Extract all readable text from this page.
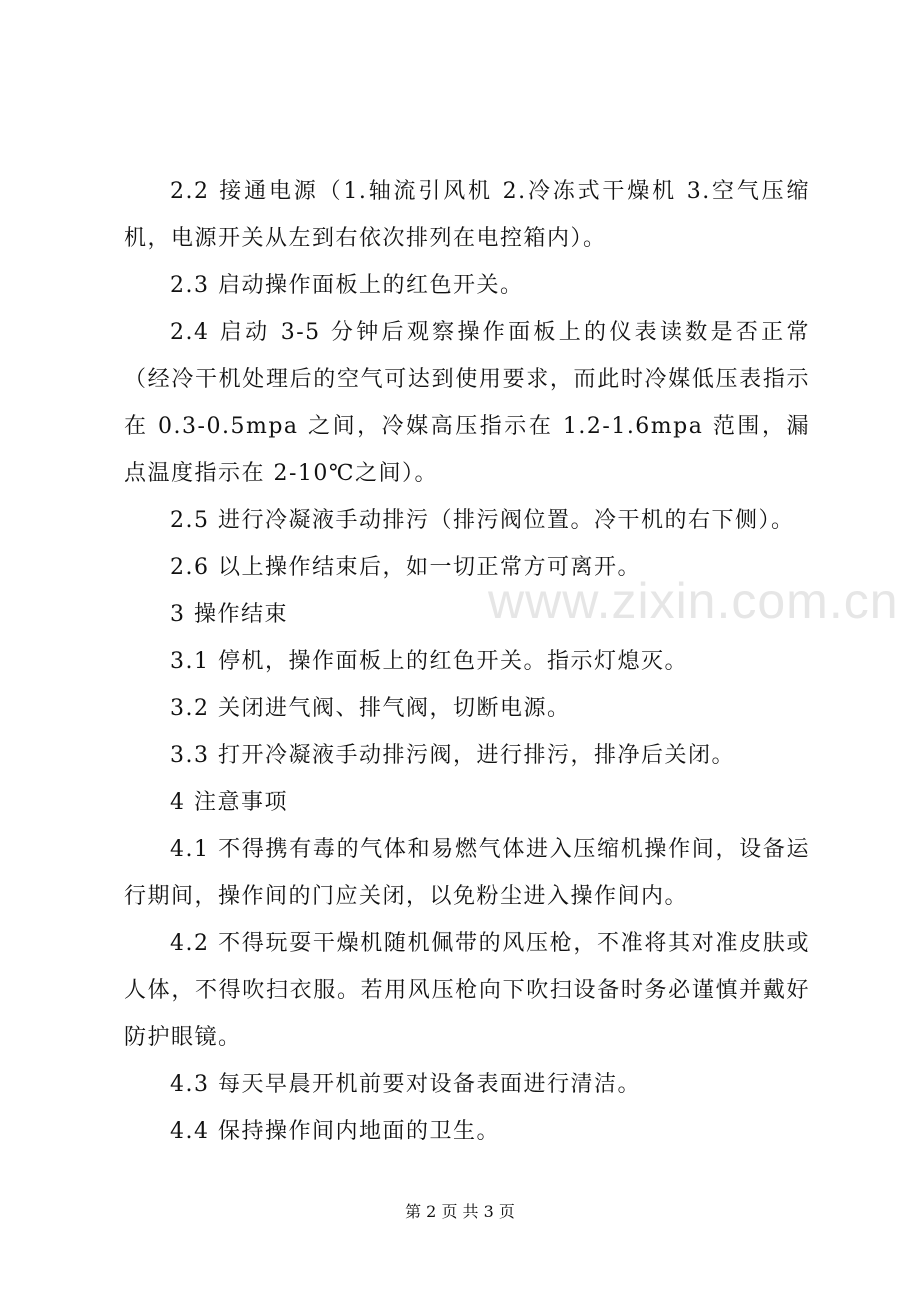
www.zixin.com.cn

2.2 接通电源（1.轴流引风机 2.冷冻式干燥机 3.空气压缩机，电源开关从左到右依次排列在电控箱内）。

2.3 启动操作面板上的红色开关。

2.4 启动 3-5 分钟后观察操作面板上的仪表读数是否正常（经冷干机处理后的空气可达到使用要求，而此时冷媒低压表指示在 0.3-0.5mpa 之间，冷媒高压指示在 1.2-1.6mpa 范围，漏点温度指示在 2-10℃之间）。

2.5 进行冷凝液手动排污（排污阀位置。冷干机的右下侧）。

2.6 以上操作结束后，如一切正常方可离开。

3 操作结束

3.1 停机，操作面板上的红色开关。指示灯熄灭。

3.2 关闭进气阀、排气阀，切断电源。

3.3 打开冷凝液手动排污阀，进行排污，排净后关闭。

4 注意事项

4.1 不得携有毒的气体和易燃气体进入压缩机操作间，设备运行期间，操作间的门应关闭，以免粉尘进入操作间内。

4.2 不得玩耍干燥机随机佩带的风压枪，不准将其对准皮肤或人体，不得吹扫衣服。若用风压枪向下吹扫设备时务必谨慎并戴好防护眼镜。

4.3 每天早晨开机前要对设备表面进行清洁。

4.4 保持操作间内地面的卫生。

第 2 页 共 3 页
